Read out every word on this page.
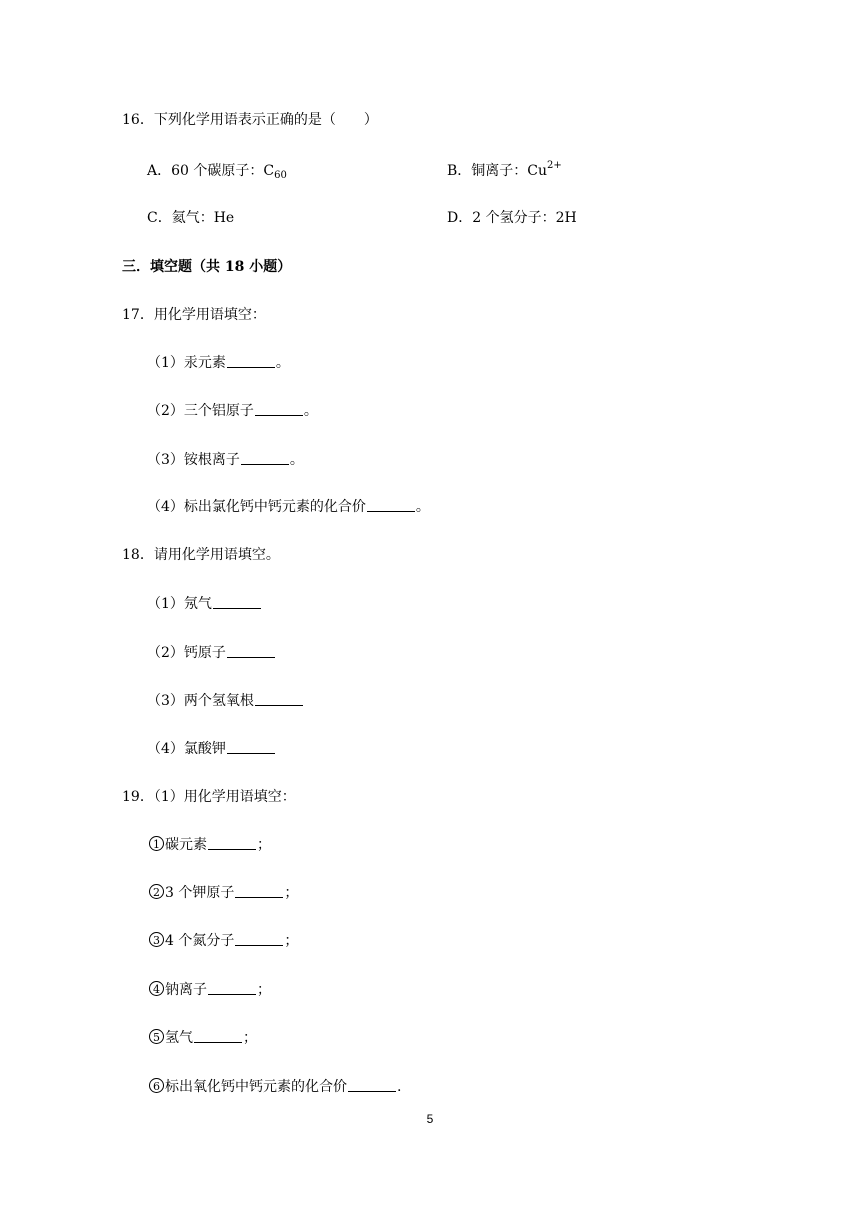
16．下列化学用语表示正确的是（　　）
A．60 个碳原子：$C_{60}$	B．铜离子：$Cu^{2+}$
C．氦气：He	D．2 个氢分子：2H
三．填空题（共 18 小题）
17．用化学用语填空：
（1）汞元素	。
（2）三个铝原子	。
（3）铵根离子	。
（4）标出氯化钙中钙元素的化合价	。
18．请用化学用语填空。
（1）氖气
（2）钙原子
（3）两个氢氧根
（4）氯酸钾
19．（1）用化学用语填空：
1 碳元素	；
2 3 个钾原子	；
3 4 个氮分子	；
4 钠离子	；
5 氢气	；
6 标出氧化钙中钙元素的化合价	.
5
